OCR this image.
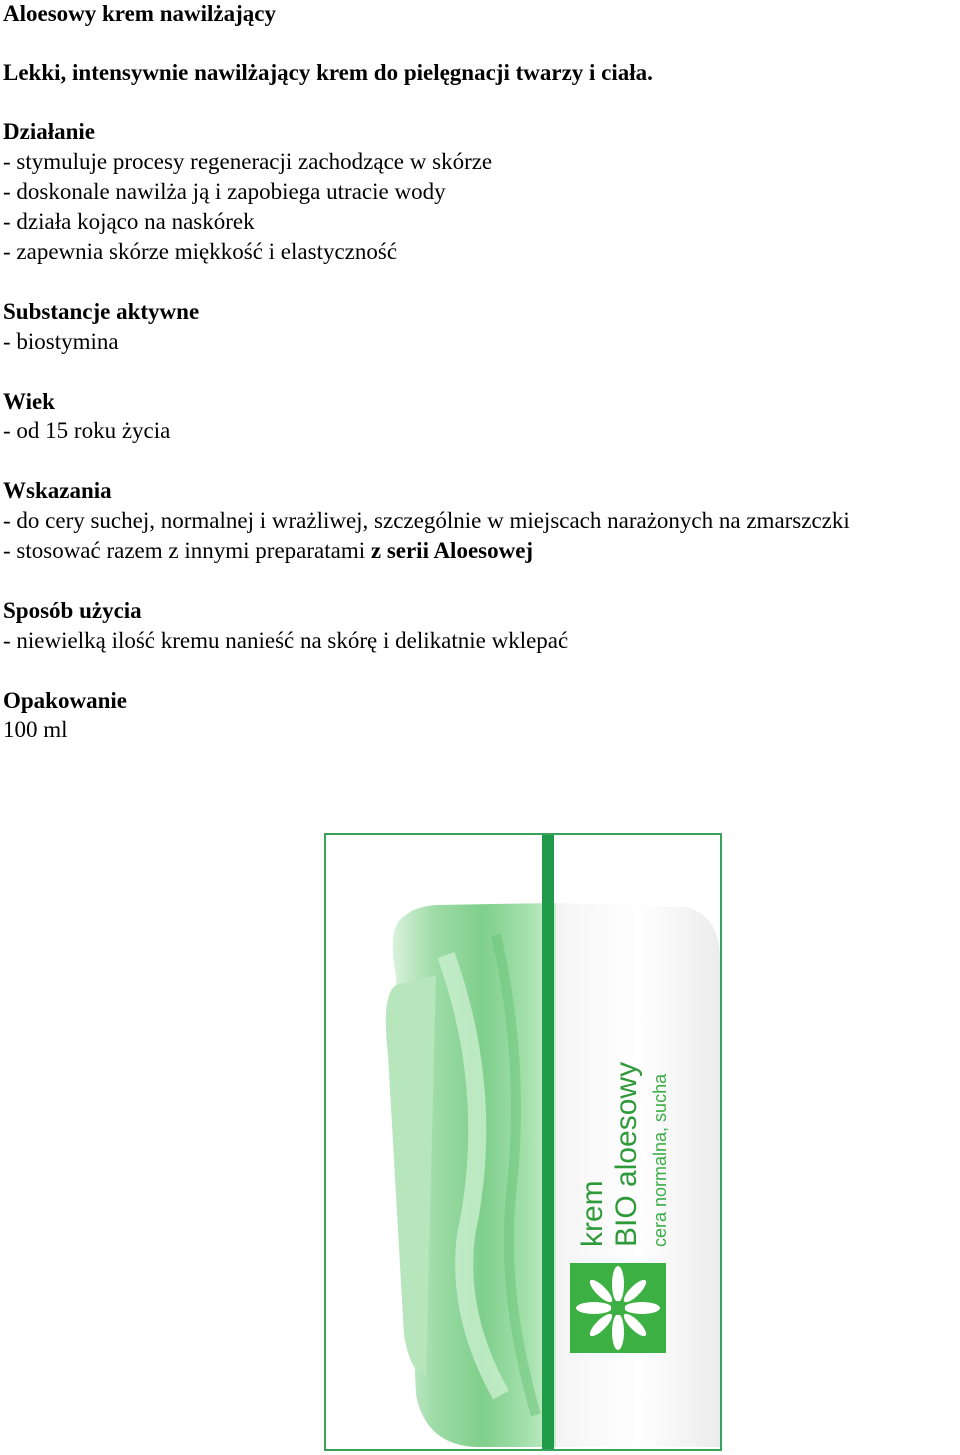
Aloesowy krem nawilżający
Lekki, intensywnie nawilżający krem do pielęgnacji twarzy i ciała.
Działanie
- stymuluje procesy regeneracji zachodzące w skórze
- doskonale nawilża ją i zapobiega utracie wody
- działa kojąco na naskórek
- zapewnia skórze miękkość i elastyczność
Substancje aktywne
- biostymina
Wiek
- od 15 roku życia
Wskazania
- do cery suchej, normalnej i wrażliwej, szczególnie w miejscach narażonych na zmarszczki
- stosować razem z innymi preparatami z serii Aloesowej
Sposób użycia
- niewielką ilość kremu nanieść na skórę i delikatnie wklepać
Opakowanie
100 ml
krem BIO aloesowy cera normalna, sucha
